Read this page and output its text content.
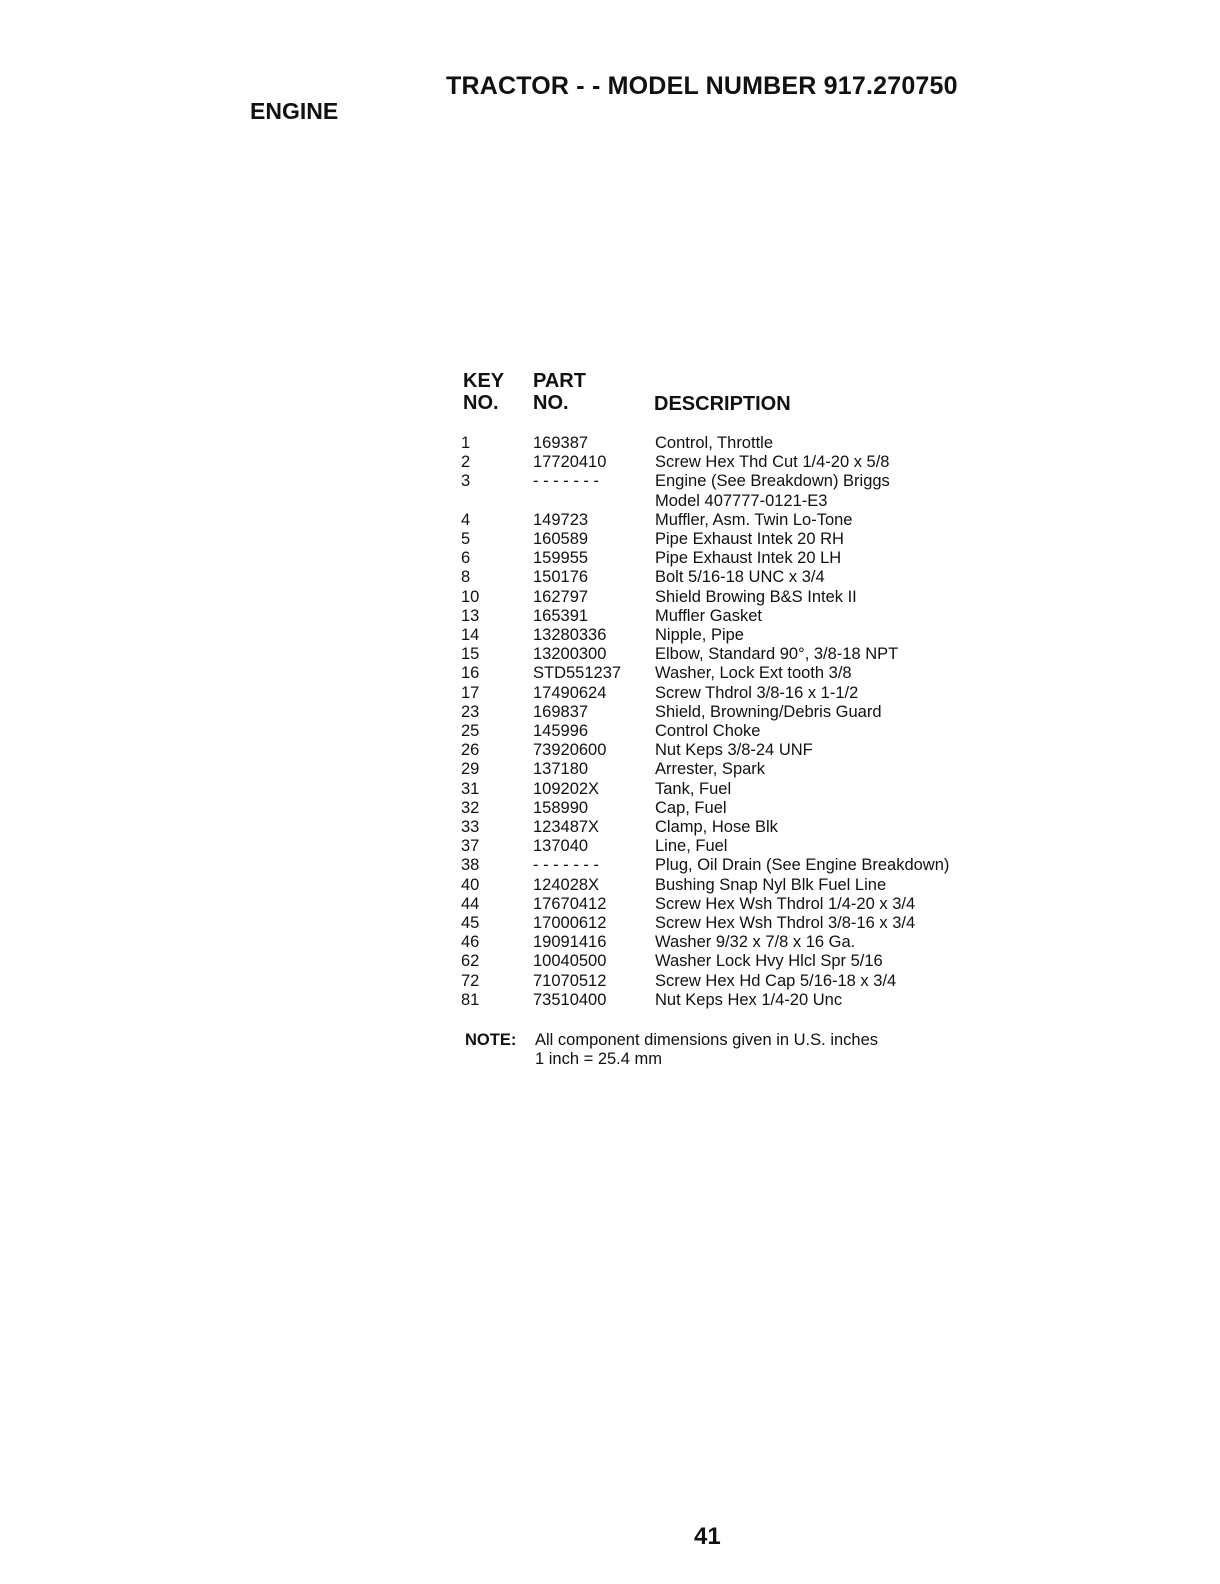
TRACTOR - - MODEL NUMBER 917.270750
ENGINE
KEY
NO.
PART
NO.	DESCRIPTION
1	169387	Control, Throttle
2	17720410	Screw Hex Thd Cut 1/4-20 x 5/8
3	- - - - - - -	Engine (See Breakdown) Briggs
		Model 407777-0121-E3
4	149723	Muffler, Asm. Twin Lo-Tone
5	160589	Pipe Exhaust Intek 20 RH
6	159955	Pipe Exhaust Intek 20 LH
8	150176	Bolt 5/16-18 UNC x 3/4
10	162797	Shield Browing B&S Intek II
13	165391	Muffler Gasket
14	13280336	Nipple, Pipe
15	13200300	Elbow, Standard 90°, 3/8-18 NPT
16	STD551237	Washer, Lock Ext tooth 3/8
17	17490624	Screw Thdrol 3/8-16 x 1-1/2
23	169837	Shield, Browning/Debris Guard
25	145996	Control Choke
26	73920600	Nut Keps 3/8-24 UNF
29	137180	Arrester, Spark
31	109202X	Tank, Fuel
32	158990	Cap, Fuel
33	123487X	Clamp, Hose Blk
37	137040	Line, Fuel
38	- - - - - - -	Plug, Oil Drain (See Engine Breakdown)
40	124028X	Bushing Snap Nyl Blk Fuel Line
44	17670412	Screw Hex Wsh Thdrol 1/4-20 x 3/4
45	17000612	Screw Hex Wsh Thdrol 3/8-16 x 3/4
46	19091416	Washer 9/32 x 7/8 x 16 Ga.
62	10040500	Washer Lock Hvy Hlcl Spr 5/16
72	71070512	Screw Hex Hd Cap 5/16-18 x 3/4
81	73510400	Nut Keps Hex 1/4-20 Unc
NOTE: All component dimensions given in U.S. inches
1 inch = 25.4 mm
41
